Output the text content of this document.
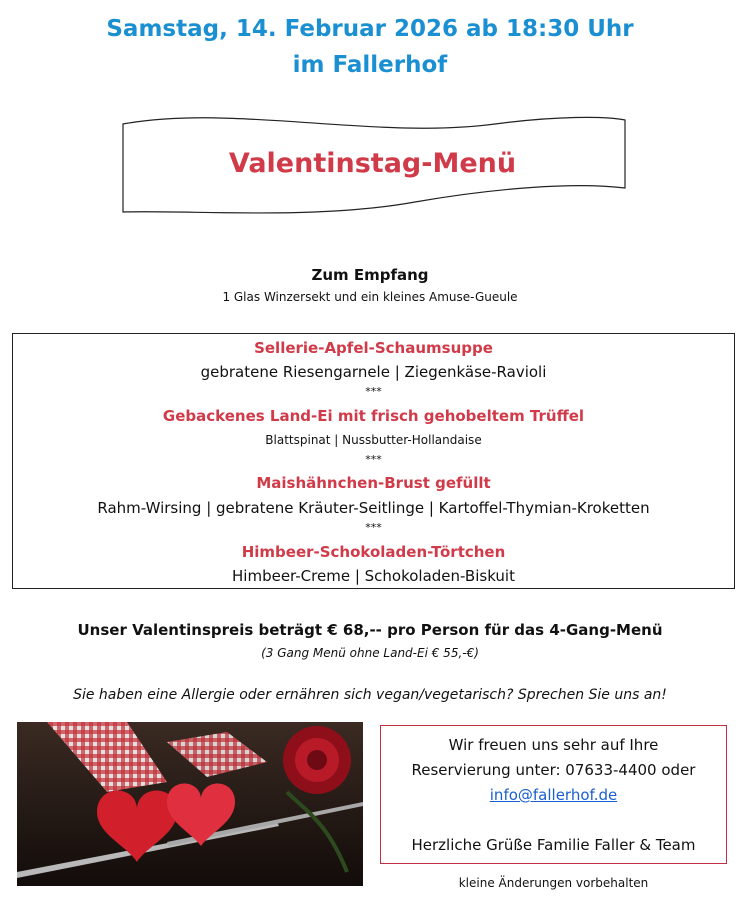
Samstag, 14. Februar 2026 ab 18:30 Uhr
im Fallerhof
Valentinstag-Menü
Zum Empfang
1 Glas Winzersekt und ein kleines Amuse-Gueule
Sellerie-Apfel-Schaumsuppe
gebratene Riesengarnele | Ziegenkäse-Ravioli
***
Gebackenes Land-Ei mit frisch gehobeltem Trüffel
Blattspinat | Nussbutter-Hollandaise
***
Maishähnchen-Brust gefüllt
Rahm-Wirsing | gebratene Kräuter-Seitlinge | Kartoffel-Thymian-Kroketten
***
Himbeer-Schokoladen-Törtchen
Himbeer-Creme | Schokoladen-Biskuit
Unser Valentinspreis beträgt € 68,-- pro Person für das 4-Gang-Menü
(3 Gang Menü ohne Land-Ei € 55,-€)
Sie haben eine Allergie oder ernähren sich vegan/vegetarisch? Sprechen Sie uns an!
Wir freuen uns sehr auf Ihre
Reservierung unter: 07633-4400 oder
info@fallerhof.de
Herzliche Grüße Familie Faller & Team
kleine Änderungen vorbehalten
